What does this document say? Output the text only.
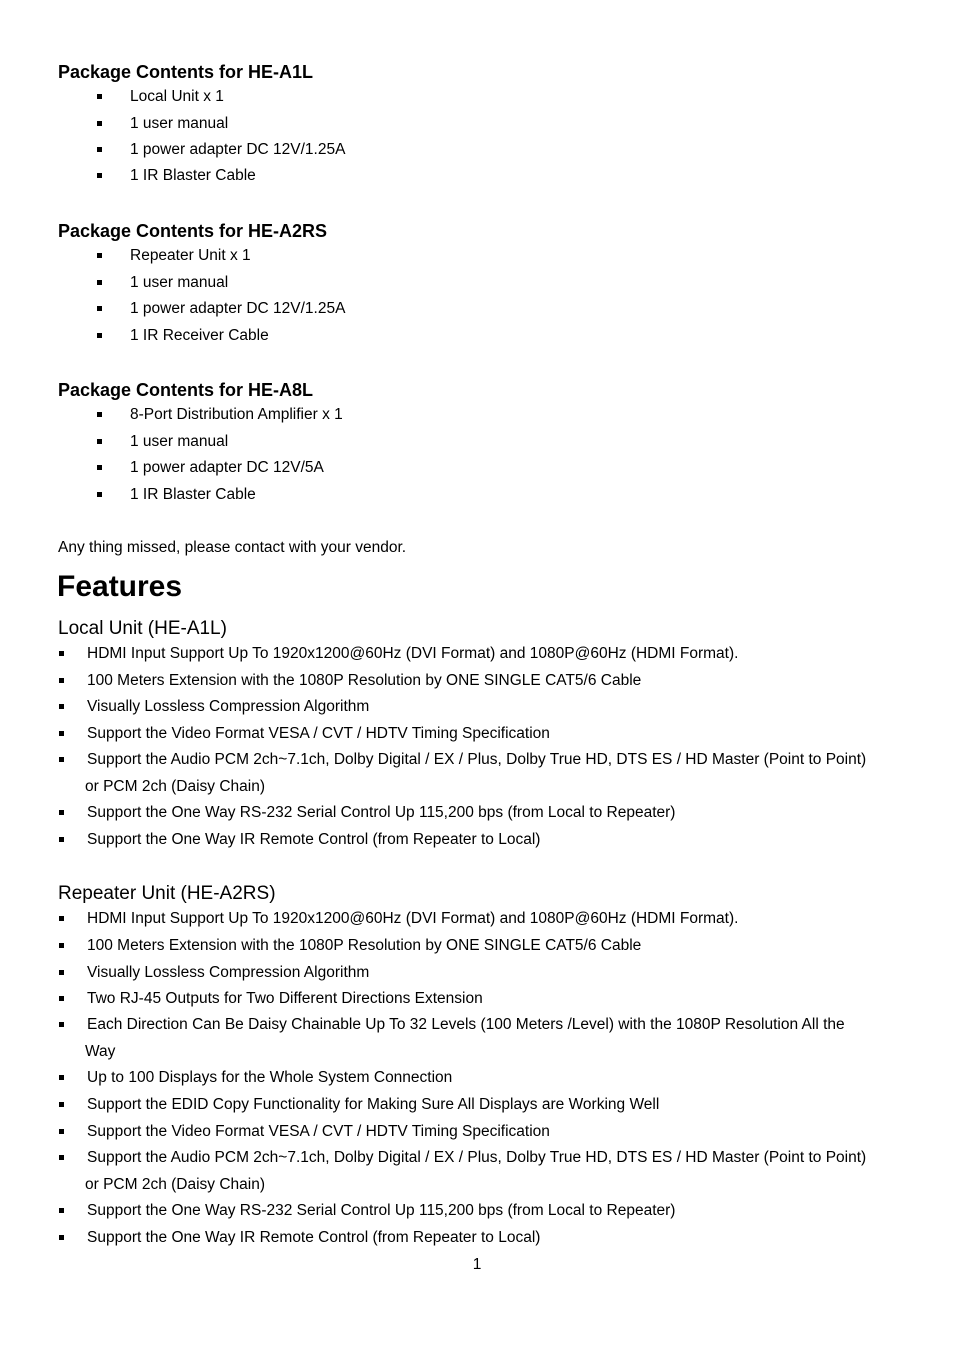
Package Contents for HE-A1L
Local Unit x 1
1 user manual
1 power adapter DC 12V/1.25A
1 IR Blaster Cable
Package Contents for HE-A2RS
Repeater Unit x 1
1 user manual
1 power adapter DC 12V/1.25A
1 IR Receiver Cable
Package Contents for HE-A8L
8-Port Distribution Amplifier x 1
1 user manual
1 power adapter DC 12V/5A
1 IR Blaster Cable
Any thing missed, please contact with your vendor.
Features
Local Unit (HE-A1L)
HDMI Input Support Up To 1920x1200@60Hz (DVI Format) and 1080P@60Hz (HDMI Format).
100 Meters Extension with the 1080P Resolution by ONE SINGLE CAT5/6 Cable
Visually Lossless Compression Algorithm
Support the Video Format VESA / CVT / HDTV Timing Specification
Support the Audio PCM 2ch~7.1ch, Dolby Digital / EX / Plus, Dolby True HD, DTS ES / HD Master (Point to Point)
or PCM 2ch (Daisy Chain)
Support the One Way RS-232 Serial Control Up 115,200 bps (from Local to Repeater)
Support the One Way IR Remote Control (from Repeater to Local)
Repeater Unit (HE-A2RS)
HDMI Input Support Up To 1920x1200@60Hz (DVI Format) and 1080P@60Hz (HDMI Format).
100 Meters Extension with the 1080P Resolution by ONE SINGLE CAT5/6 Cable
Visually Lossless Compression Algorithm
Two RJ-45 Outputs for Two Different Directions Extension
Each Direction Can Be Daisy Chainable Up To 32 Levels (100 Meters /Level) with the 1080P Resolution All the
Way
Up to 100 Displays for the Whole System Connection
Support the EDID Copy Functionality for Making Sure All Displays are Working Well
Support the Video Format VESA / CVT / HDTV Timing Specification
Support the Audio PCM 2ch~7.1ch, Dolby Digital / EX / Plus, Dolby True HD, DTS ES / HD Master (Point to Point)
or PCM 2ch (Daisy Chain)
Support the One Way RS-232 Serial Control Up 115,200 bps (from Local to Repeater)
Support the One Way IR Remote Control (from Repeater to Local)
1
